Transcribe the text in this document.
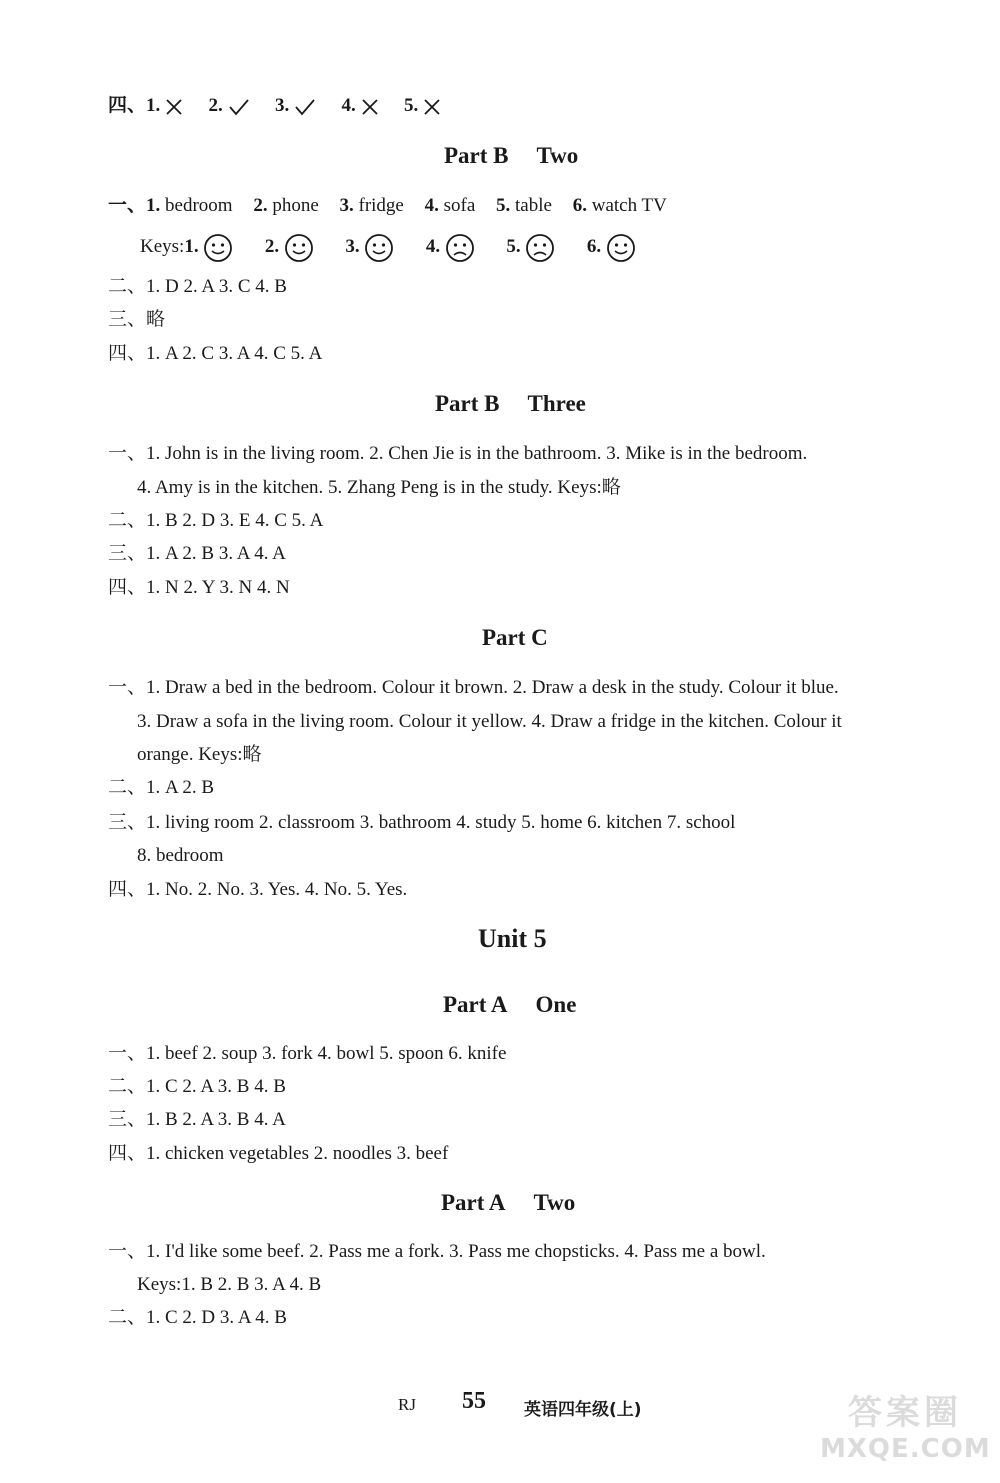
四、1.	2.	3.	4.	5.
Part B Two
一、1. bedroom 2. phone 3. fridge 4. sofa 5. table 6. watch TV
Keys:1.	2.	3.	4.	5.	6.
二、1. D 2. A 3. C 4. B
三、略
四、1. A 2. C 3. A 4. C 5. A
Part B Three
一、1. John is in the living room. 2. Chen Jie is in the bathroom. 3. Mike is in the bedroom.
4. Amy is in the kitchen. 5. Zhang Peng is in the study. Keys:略
二、1. B 2. D 3. E 4. C 5. A
三、1. A 2. B 3. A 4. A
四、1. N 2. Y 3. N 4. N
Part C
一、1. Draw a bed in the bedroom. Colour it brown. 2. Draw a desk in the study. Colour it blue.
3. Draw a sofa in the living room. Colour it yellow. 4. Draw a fridge in the kitchen. Colour it
orange. Keys:略
二、1. A 2. B
三、1. living room 2. classroom 3. bathroom 4. study 5. home 6. kitchen 7. school
8. bedroom
四、1. No. 2. No. 3. Yes. 4. No. 5. Yes.
Unit 5
Part A One
一、1. beef 2. soup 3. fork 4. bowl 5. spoon 6. knife
二、1. C 2. A 3. B 4. B
三、1. B 2. A 3. B 4. A
四、1. chicken vegetables 2. noodles 3. beef
Part A Two
一、1. I'd like some beef. 2. Pass me a fork. 3. Pass me chopsticks. 4. Pass me a bowl.
Keys:1. B 2. B 3. A 4. B
二、1. C 2. D 3. A 4. B
RJ 55 英语四年级(上)	答案圈
MXQE.COM
